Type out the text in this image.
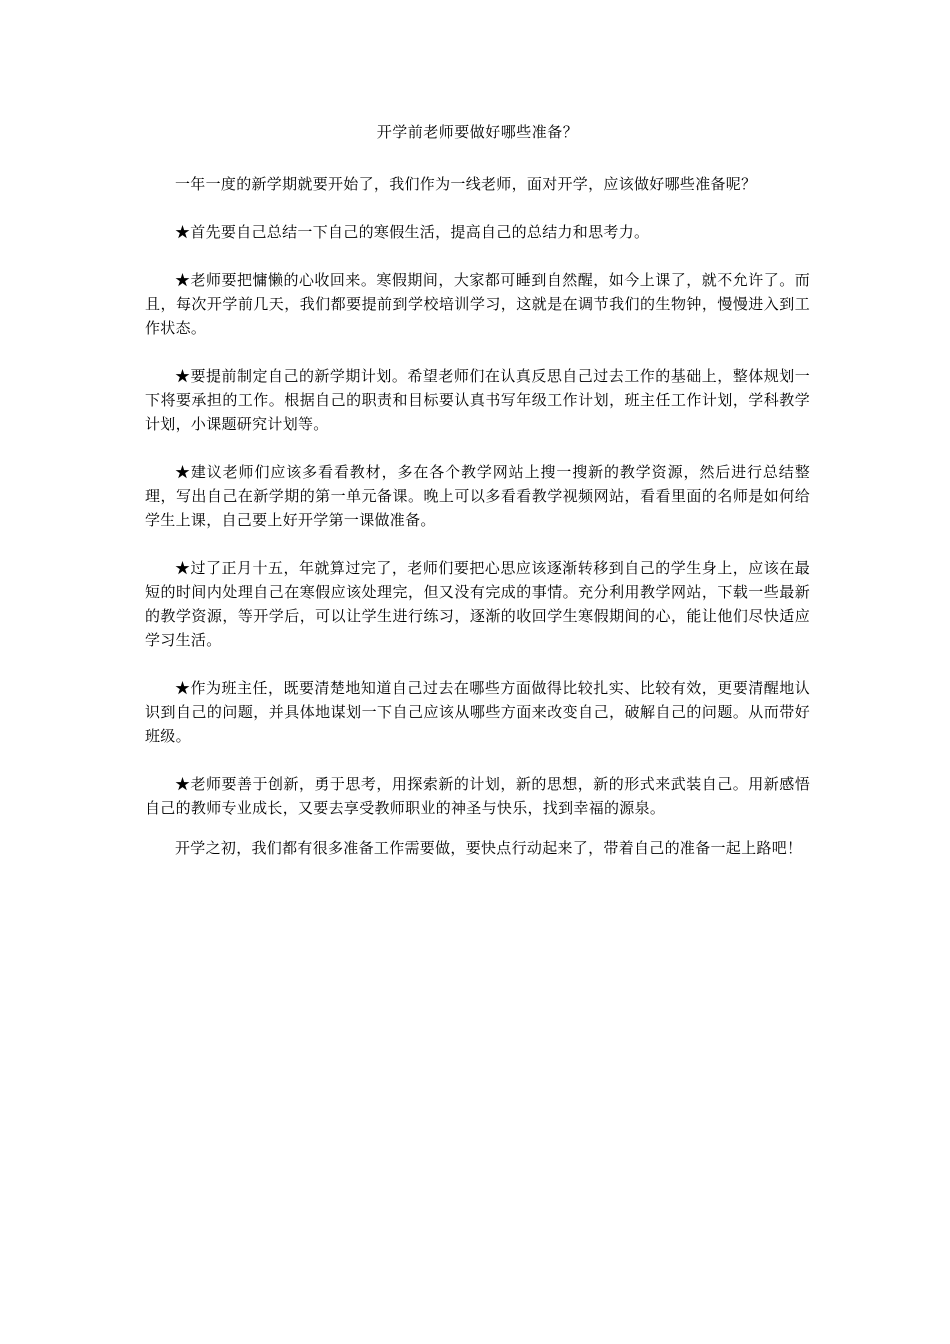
开学前老师要做好哪些准备？

一年一度的新学期就要开始了，我们作为一线老师，面对开学，应该做好哪些准备呢？

★首先要自己总结一下自己的寒假生活，提高自己的总结力和思考力。

★老师要把慵懒的心收回来。寒假期间，大家都可睡到自然醒，如今上课了，就不允许了。而且，每次开学前几天，我们都要提前到学校培训学习，这就是在调节我们的生物钟，慢慢进入到工作状态。

★要提前制定自己的新学期计划。希望老师们在认真反思自己过去工作的基础上，整体规划一下将要承担的工作。根据自己的职责和目标要认真书写年级工作计划，班主任工作计划，学科教学计划，小课题研究计划等。

★建议老师们应该多看看教材，多在各个教学网站上搜一搜新的教学资源，然后进行总结整理，写出自己在新学期的第一单元备课。晚上可以多看看教学视频网站，看看里面的名师是如何给学生上课，自己要上好开学第一课做准备。

★过了正月十五，年就算过完了，老师们要把心思应该逐渐转移到自己的学生身上，应该在最短的时间内处理自己在寒假应该处理完，但又没有完成的事情。充分利用教学网站，下载一些最新的教学资源，等开学后，可以让学生进行练习，逐渐的收回学生寒假期间的心，能让他们尽快适应学习生活。

★作为班主任，既要清楚地知道自己过去在哪些方面做得比较扎实、比较有效，更要清醒地认识到自己的问题，并具体地谋划一下自己应该从哪些方面来改变自己，破解自己的问题。从而带好班级。

★老师要善于创新，勇于思考，用探索新的计划，新的思想，新的形式来武装自己。用新感悟自己的教师专业成长，又要去享受教师职业的神圣与快乐，找到幸福的源泉。

开学之初，我们都有很多准备工作需要做，要快点行动起来了，带着自己的准备一起上路吧！
